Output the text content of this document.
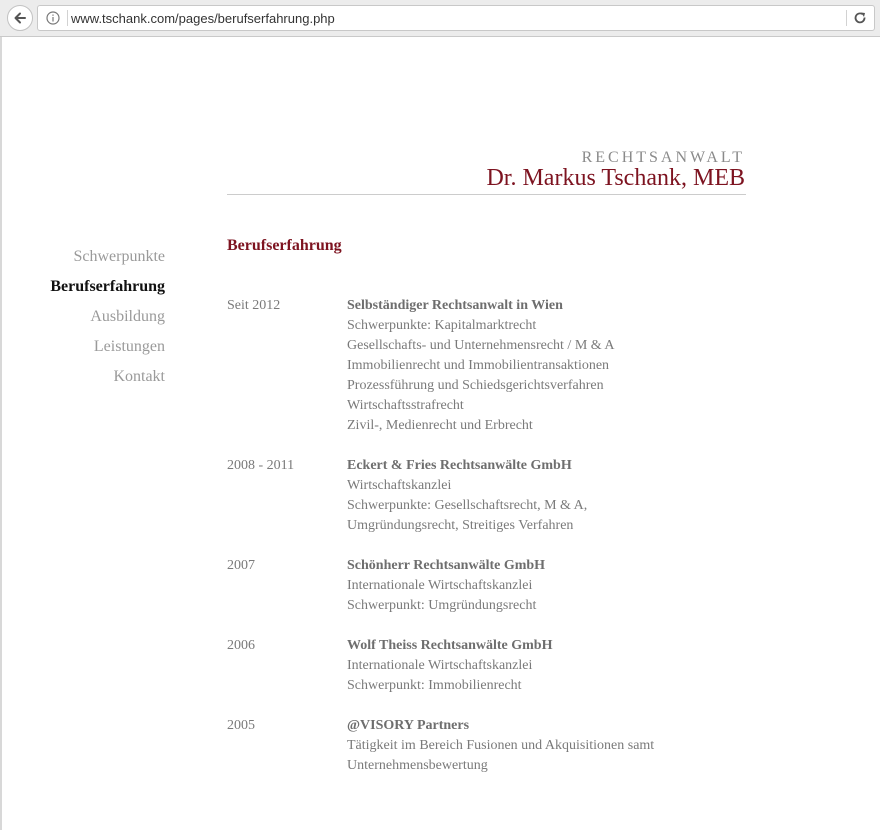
www.tschank.com/pages/berufserfahrung.php
RECHTSANWALT
Dr. Markus Tschank, MEB
Schwerpunkte
Berufserfahrung
Ausbildung
Leistungen
Kontakt
Berufserfahrung
Seit 2012	Selbständiger Rechtsanwalt in Wien
Schwerpunkte: Kapitalmarktrecht
Gesellschafts- und Unternehmensrecht / M & A
Immobilienrecht und Immobilientransaktionen
Prozessführung und Schiedsgerichtsverfahren
Wirtschaftsstrafrecht
Zivil-, Medienrecht und Erbrecht
2008 - 2011	Eckert & Fries Rechtsanwälte GmbH
Wirtschaftskanzlei
Schwerpunkte: Gesellschaftsrecht, M & A,
Umgründungsrecht, Streitiges Verfahren
2007	Schönherr Rechtsanwälte GmbH
Internationale Wirtschaftskanzlei
Schwerpunkt: Umgründungsrecht
2006	Wolf Theiss Rechtsanwälte GmbH
Internationale Wirtschaftskanzlei
Schwerpunkt: Immobilienrecht
2005	@VISORY Partners
Tätigkeit im Bereich Fusionen und Akquisitionen samt
Unternehmensbewertung
